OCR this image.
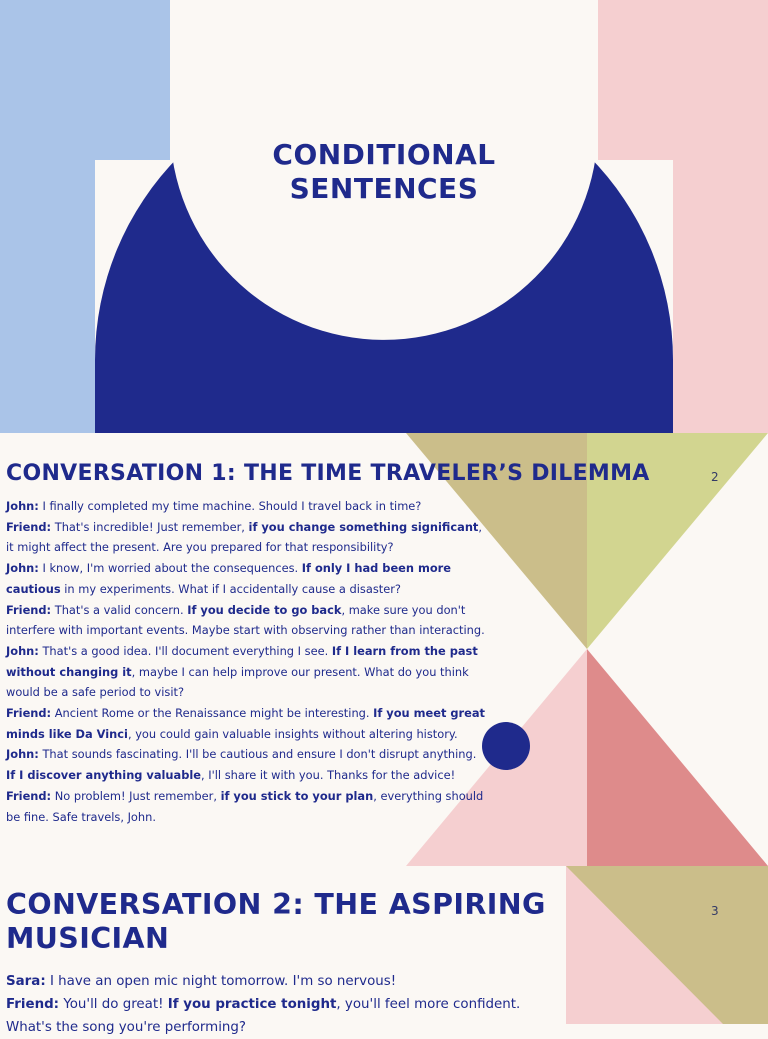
CONDITIONAL
SENTENCES
CONVERSATION 1: THE TIME TRAVELER’S DILEMMA	2

John: I finally completed my time machine. Should I travel back in time?

Friend: That's incredible! Just remember, if you change something significant, it might affect the present. Are you prepared for that responsibility?

John: I know, I'm worried about the consequences. If only I had been more cautious in my experiments. What if I accidentally cause a disaster?

Friend: That's a valid concern. If you decide to go back, make sure you don't interfere with important events. Maybe start with observing rather than interacting.

John: That's a good idea. I'll document everything I see. If I learn from the past without changing it, maybe I can help improve our present. What do you think would be a safe period to visit?

Friend: Ancient Rome or the Renaissance might be interesting. If you meet great minds like Da Vinci, you could gain valuable insights without altering history.

John: That sounds fascinating. I'll be cautious and ensure I don't disrupt anything. If I discover anything valuable, I'll share it with you. Thanks for the advice!

Friend: No problem! Just remember, if you stick to your plan, everything should be fine. Safe travels, John.

CONVERSATION 2: THE ASPIRING MUSICIAN
3

Sara: I have an open mic night tomorrow. I'm so nervous!

Friend: You'll do great! If you practice tonight, you'll feel more confident. What's the song you're performing?
